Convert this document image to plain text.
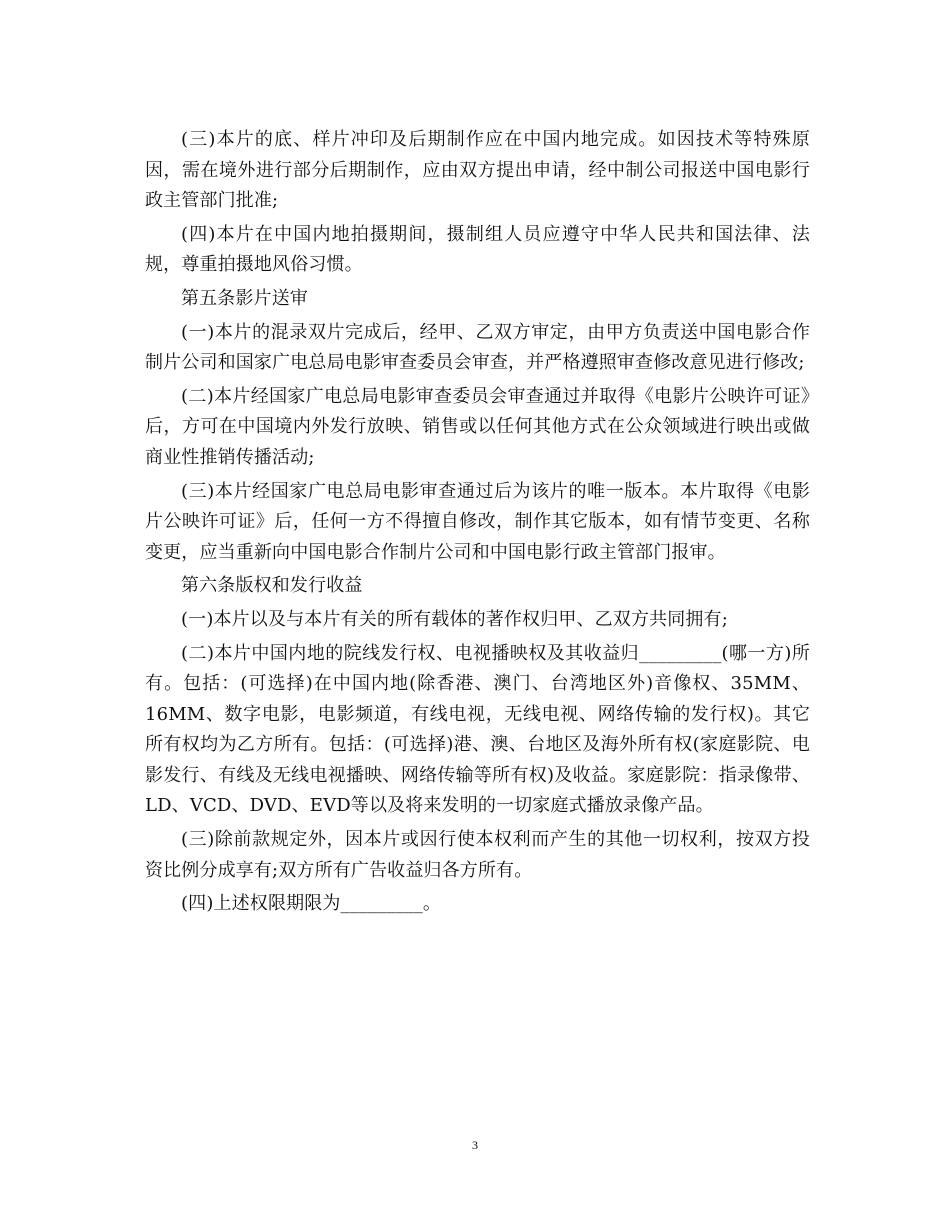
(三)本片的底、样片冲印及后期制作应在中国内地完成。如因技术等特殊原因，需在境外进行部分后期制作，应由双方提出申请，经中制公司报送中国电影行政主管部门批准;

(四)本片在中国内地拍摄期间，摄制组人员应遵守中华人民共和国法律、法规，尊重拍摄地风俗习惯。

第五条影片送审

(一)本片的混录双片完成后，经甲、乙双方审定，由甲方负责送中国电影合作制片公司和国家广电总局电影审查委员会审查，并严格遵照审查修改意见进行修改;

(二)本片经国家广电总局电影审查委员会审查通过并取得《电影片公映许可证》后，方可在中国境内外发行放映、销售或以任何其他方式在公众领域进行映出或做商业性推销传播活动;

(三)本片经国家广电总局电影审查通过后为该片的唯一版本。本片取得《电影片公映许可证》后，任何一方不得擅自修改，制作其它版本，如有情节变更、名称变更，应当重新向中国电影合作制片公司和中国电影行政主管部门报审。

第六条版权和发行收益

(一)本片以及与本片有关的所有载体的著作权归甲、乙双方共同拥有;

(二)本片中国内地的院线发行权、电视播映权及其收益归_________(哪一方)所有。包括：(可选择)在中国内地(除香港、澳门、台湾地区外)音像权、35MM、16MM、数字电影，电影频道，有线电视，无线电视、网络传输的发行权)。其它所有权均为乙方所有。包括：(可选择)港、澳、台地区及海外所有权(家庭影院、电影发行、有线及无线电视播映、网络传输等所有权)及收益。家庭影院：指录像带、LD、VCD、DVD、EVD等以及将来发明的一切家庭式播放录像产品。

(三)除前款规定外，因本片或因行使本权利而产生的其他一切权利，按双方投资比例分成享有;双方所有广告收益归各方所有。

(四)上述权限期限为_________。

3
